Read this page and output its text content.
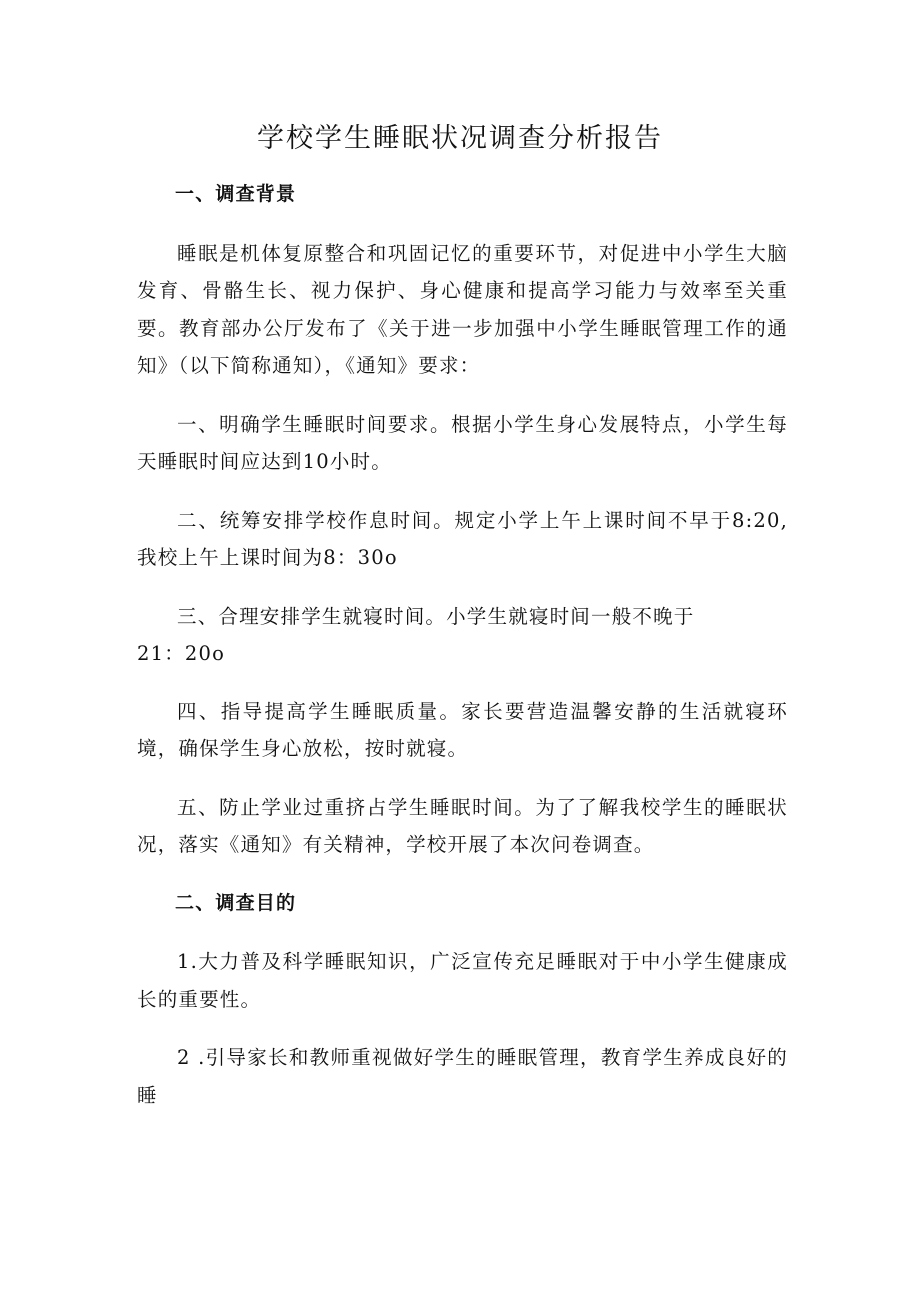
学校学生睡眠状况调查分析报告
一、调查背景

睡眠是机体复原整合和巩固记忆的重要环节，对促进中小学生大脑发育、骨骼生长、视力保护、身心健康和提高学习能力与效率至关重要。教育部办公厅发布了《关于进一步加强中小学生睡眠管理工作的通知》（以下简称通知），《通知》要求：

一、明确学生睡眠时间要求。根据小学生身心发展特点，小学生每天睡眠时间应达到10小时。

二、统筹安排学校作息时间。规定小学上午上课时间不早于8:20,我校上午上课时间为8：30o

三、合理安排学生就寝时间。小学生就寝时间一般不晚于
21：20o

四、指导提高学生睡眠质量。家长要营造温馨安静的生活就寝环境，确保学生身心放松，按时就寝。

五、防止学业过重挤占学生睡眠时间。为了了解我校学生的睡眠状况，落实《通知》有关精神，学校开展了本次问卷调查。

二、调查目的

1.大力普及科学睡眠知识，广泛宣传充足睡眠对于中小学生健康成长的重要性。

2 .引导家长和教师重视做好学生的睡眠管理，教育学生养成良好的睡
